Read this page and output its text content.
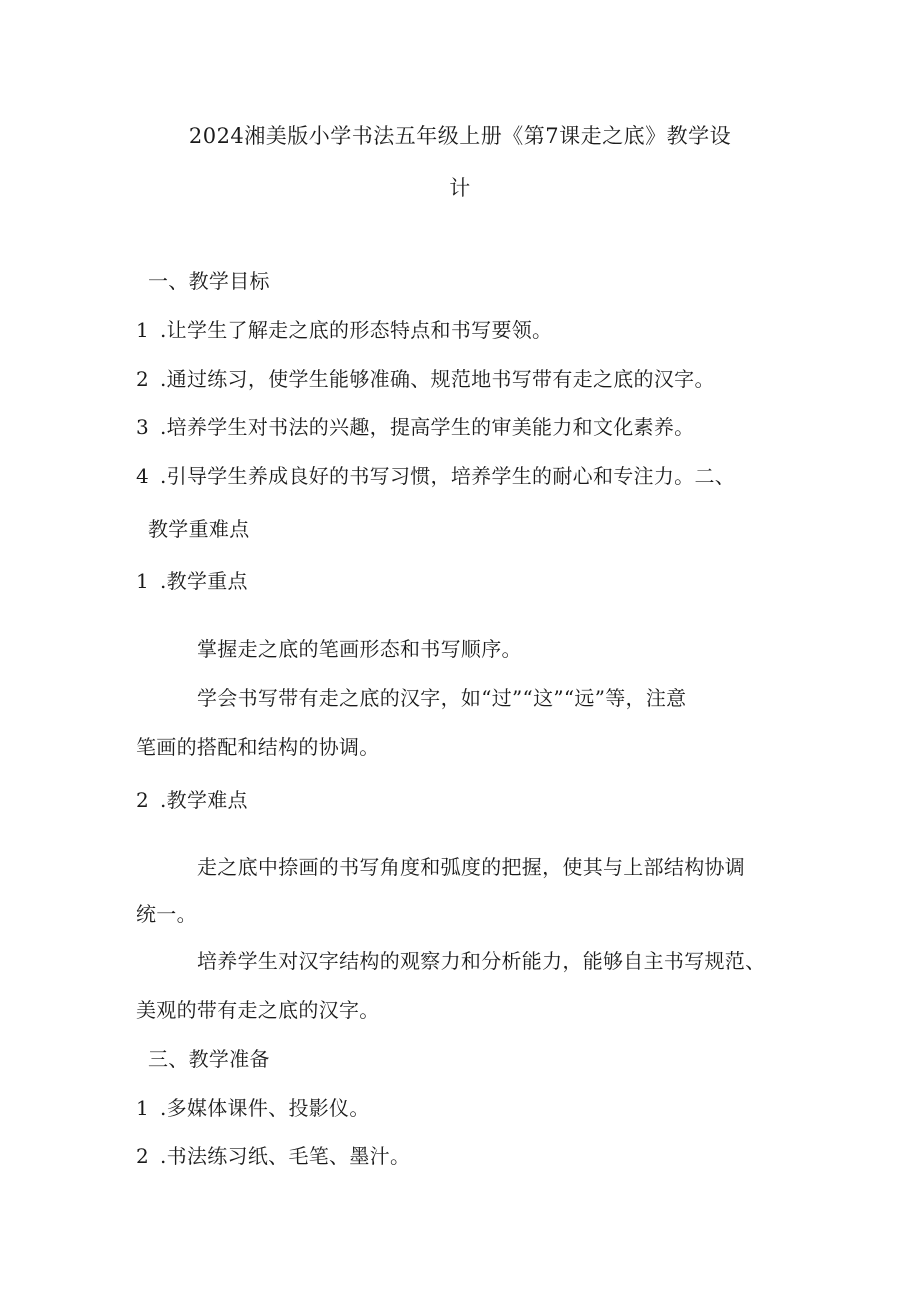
2024湘美版小学书法五年级上册《第7课走之底》教学设
计
一、教学目标
1 .让学生了解走之底的形态特点和书写要领。
2 .通过练习，使学生能够准确、规范地书写带有走之底的汉字。
3 .培养学生对书法的兴趣，提高学生的审美能力和文化素养。
4 .引导学生养成良好的书写习惯，培养学生的耐心和专注力。二、
教学重难点
1 .教学重点
掌握走之底的笔画形态和书写顺序。
学会书写带有走之底的汉字，如“过”“这”“远”等，注意
笔画的搭配和结构的协调。
2 .教学难点
走之底中捺画的书写角度和弧度的把握，使其与上部结构协调
统一。
培养学生对汉字结构的观察力和分析能力，能够自主书写规范、
美观的带有走之底的汉字。
三、教学准备
1 .多媒体课件、投影仪。
2 .书法练习纸、毛笔、墨汁。
